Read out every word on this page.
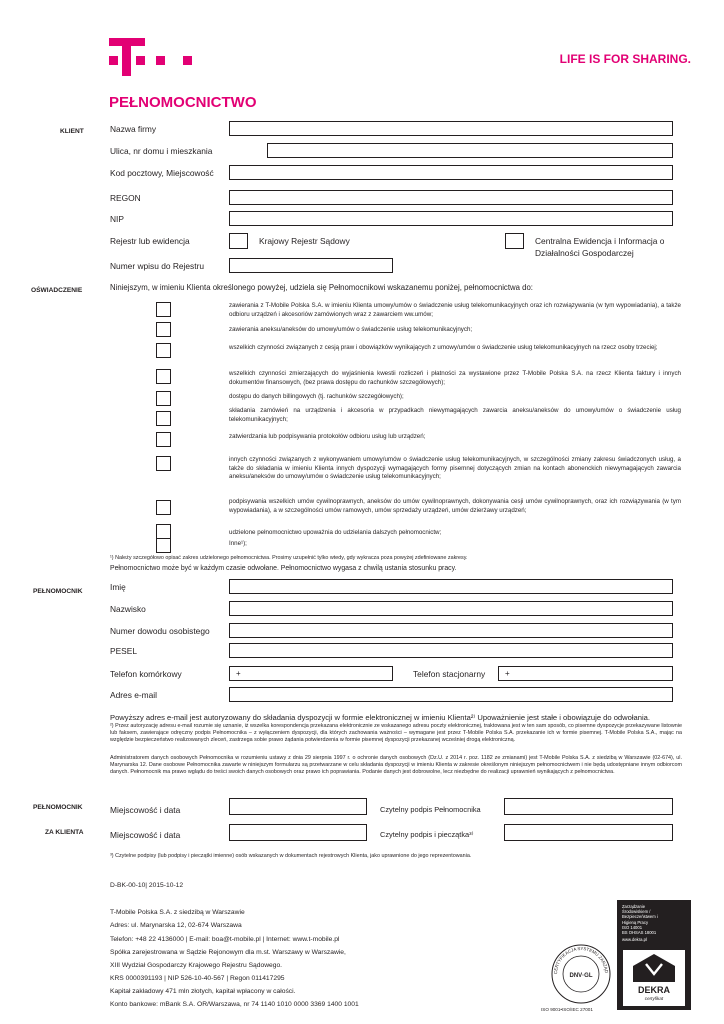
LIFE IS FOR SHARING.
PEŁNOMOCNICTWO
KLIENT
OŚWIADCZENIE
PEŁNOMOCNIK
PEŁNOMOCNIK
ZA KLIENTA
Nazwa firmy
Ulica, nr domu i mieszkania
Kod pocztowy, Miejscowość
REGON
NIP
Rejestr lub ewidencja	Krajowy Rejestr Sądowy	Centralna Ewidencja i Informacja o
Działalności Gospodarczej
Numer wpisu do Rejestru
Niniejszym, w imieniu Klienta określonego powyżej, udziela się Pełnomocnikowi wskazanemu poniżej, pełnomocnictwa do:
zawierania z T-Mobile Polska S.A. w imieniu Klienta umowy/umów o świadczenie usług telekomunikacyjnych oraz ich rozwiązywania (w tym wypowiadania), a także odbioru urządzeń i akcesoriów zamówionych wraz z zawarciem ww.umów;
zawierania aneksu/aneksów do umowy/umów o świadczenie usług telekomunikacyjnych;
wszelkich czynności związanych z cesją praw i obowiązków wynikających z umowy/umów o świadczenie usług telekomunikacyjnych na rzecz osoby trzeciej;
wszelkich czynności zmierzających do wyjaśnienia kwestii rozliczeń i płatności za wystawione przez T-Mobile Polska S.A. na rzecz Klienta faktury i innych dokumentów finansowych, (bez prawa dostępu do rachunków szczegółowych);
dostępu do danych billingowych (tj. rachunków szczegółowych);
składania zamówień na urządzenia i akcesoria w przypadkach niewymagających zawarcia aneksu/aneksów do umowy/umów o świadczenie usług telekomunikacyjnych;
zatwierdzania lub podpisywania protokołów odbioru usług lub urządzeń;
innych czynności związanych z wykonywaniem umowy/umów o świadczenie usług telekomunikacyjnych, w szczególności zmiany zakresu świadczonych usług, a także do składania w imieniu Klienta innych dyspozycji wymagających formy pisemnej dotyczących zmian na kontach abonenckich niewymagających zawarcia aneksu/aneksów do umowy/umów o świadczenie usług telekomunikacyjnych;
podpisywania wszelkich umów cywilnoprawnych, aneksów do umów cywilnoprawnych, dokonywania cesji umów cywilnoprawnych, oraz ich rozwiązywania (w tym wypowiadania), a w szczególności umów ramowych, umów sprzedaży urządzeń, umów dzierżawy urządzeń;
udzielone pełnomocnictwo upoważnia do udzielania dalszych pełnomocnictw;
Inne¹);
¹) Należy szczegółowo opisać zakres udzielonego pełnomocnictwa. Prosimy uzupełnić tylko wtedy, gdy wykracza poza powyżej zdefiniowane zakresy.
Pełnomocnictwo może być w każdym czasie odwołane. Pełnomocnictwo wygasa z chwilą ustania stosunku pracy.
Imię
Nazwisko
Numer dowodu osobistego
PESEL
Telefon komórkowy	+	Telefon stacjonarny +
Adres e-mail
Powyższy adres e-mail jest autoryzowany do składania dyspozycji w formie elektronicznej w imieniu Klienta²⁾ Upoważnienie jest stałe i obowiązuje do odwołania.
²) Przez autoryzację adresu e-mail rozumie się uznanie, iż wszelka korespondencja przekazana elektronicznie ze wskazanego adresu poczty elektronicznej, traktowana jest w ten sam sposób, co pisemne dyspozycje przekazywane listownie lub faksem, zawierające odręczny podpis Pełnomocnika – z wyłączeniem dyspozycji, dla których zachowania ważności – wymagane jest przez T-Mobile Polska S.A. przekazanie ich w formie pisemnej. T-Mobile Polska S.A., mając na względzie bezpieczeństwo realizowanych zleceń, zastrzega sobie prawo żądania potwierdzenia w formie pisemnej dyspozycji przekazanej wcześniej drogą elektroniczną.
Administratorem danych osobowych Pełnomocnika w rozumieniu ustawy z dnia 29 sierpnia 1997 r. o ochronie danych osobowych (Dz.U. z 2014 r. poz. 1182 ze zmianami) jest T-Mobile Polska S.A. z siedzibą w Warszawie (02-674), ul. Marynarska 12. Dane osobowe Pełnomocnika zawarte w niniejszym formularzu są przetwarzane w celu składania dyspozycji w imieniu Klienta w zakresie określonym niniejszym pełnomocnictwem i nie będą udostępniane innym odbiorcom danych. Pełnomocnik ma prawo wglądu do treści swoich danych osobowych oraz prawo ich poprawiania. Podanie danych jest dobrowolne, lecz niezbędne do realizacji uprawnień wynikających z pełnomocnictwa.
Miejscowość i data	Czytelny podpis Pełnomocnika
Miejscowość i data	Czytelny podpis i pieczątka³⁾
³) Czytelne podpisy (lub podpisy i pieczątki imienne) osób wskazanych w dokumentach rejestrowych Klienta, jako uprawnione do jego reprezentowania.
D-BK-00-10| 2015-10-12
T-Mobile Polska S.A. z siedzibą w Warszawie
Adres: ul. Marynarska 12, 02-674 Warszawa
Telefon: +48 22 4136000 | E-mail: boa@t-mobile.pl | Internet: www.t-mobile.pl
Spółka zarejestrowana w Sądzie Rejonowym dla m.st. Warszawy w Warszawie,
XIII Wydział Gospodarczy Krajowego Rejestru Sądowego.
KRS 0000391193 | NIP 526-10-40-567 | Regon 011417295
Kapitał zakładowy 471 mln złotych, kapitał wpłacony w całości.
Konto bankowe: mBank S.A. OR/Warszawa, nr 74 1140 1010 0000 3369 1400 1001
CERTYFIKACJA SYSTEMU ZARZĄD
DNV·GL
ISO 9001•ISO/IEC 27001
Zarządzanie
Środowiskiem /
Bezpieczeństwem i
Higieną Pracy
ISO 14001
BS OHSAS 18001
www.dekra.pl
DEKRA
certyfikat
